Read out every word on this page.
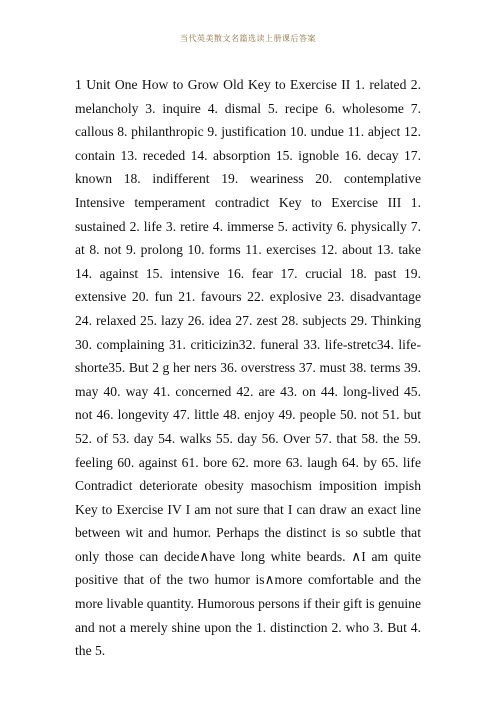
当代英美散文名篇选读上册课后答案
1 Unit One How to Grow Old Key to Exercise II 1. related 2. melancholy 3. inquire 4. dismal 5. recipe 6. wholesome 7. callous 8. philanthropic 9. justification 10. undue 11. abject 12. contain 13. receded 14. absorption 15. ignoble 16. decay 17. known 18. indifferent 19. weariness 20. contemplative Intensive temperament contradict Key to Exercise III 1. sustained 2. life 3. retire 4. immerse 5. activity 6. physically 7. at 8. not 9. prolong 10. forms 11. exercises 12. about 13. take 14. against 15. intensive 16. fear 17. crucial 18. past 19. extensive 20. fun 21. favours 22. explosive 23. disadvantage 24. relaxed 25. lazy 26. idea 27. zest 28. subjects 29. Thinking 30. complaining 31. criticizin32. funeral 33. life-stretc34. life-shorte35. But 2 g her ners 36. overstress 37. must 38. terms 39. may 40. way 41. concerned 42. are 43. on 44. long-lived 45. not 46. longevity 47. little 48. enjoy 49. people 50. not 51. but 52. of 53. day 54. walks 55. day 56. Over 57. that 58. the 59. feeling 60. against 61. bore 62. more 63. laugh 64. by 65. life Contradict deteriorate obesity masochism imposition impish Key to Exercise IV I am not sure that I can draw an exact line between wit and humor. Perhaps the distinct is so subtle that only those can decide∧have long white beards. ∧I am quite positive that of the two humor is∧more comfortable and the more livable quantity. Humorous persons if their gift is genuine and not a merely shine upon the 1. distinction 2. who 3. But 4. the 5.
